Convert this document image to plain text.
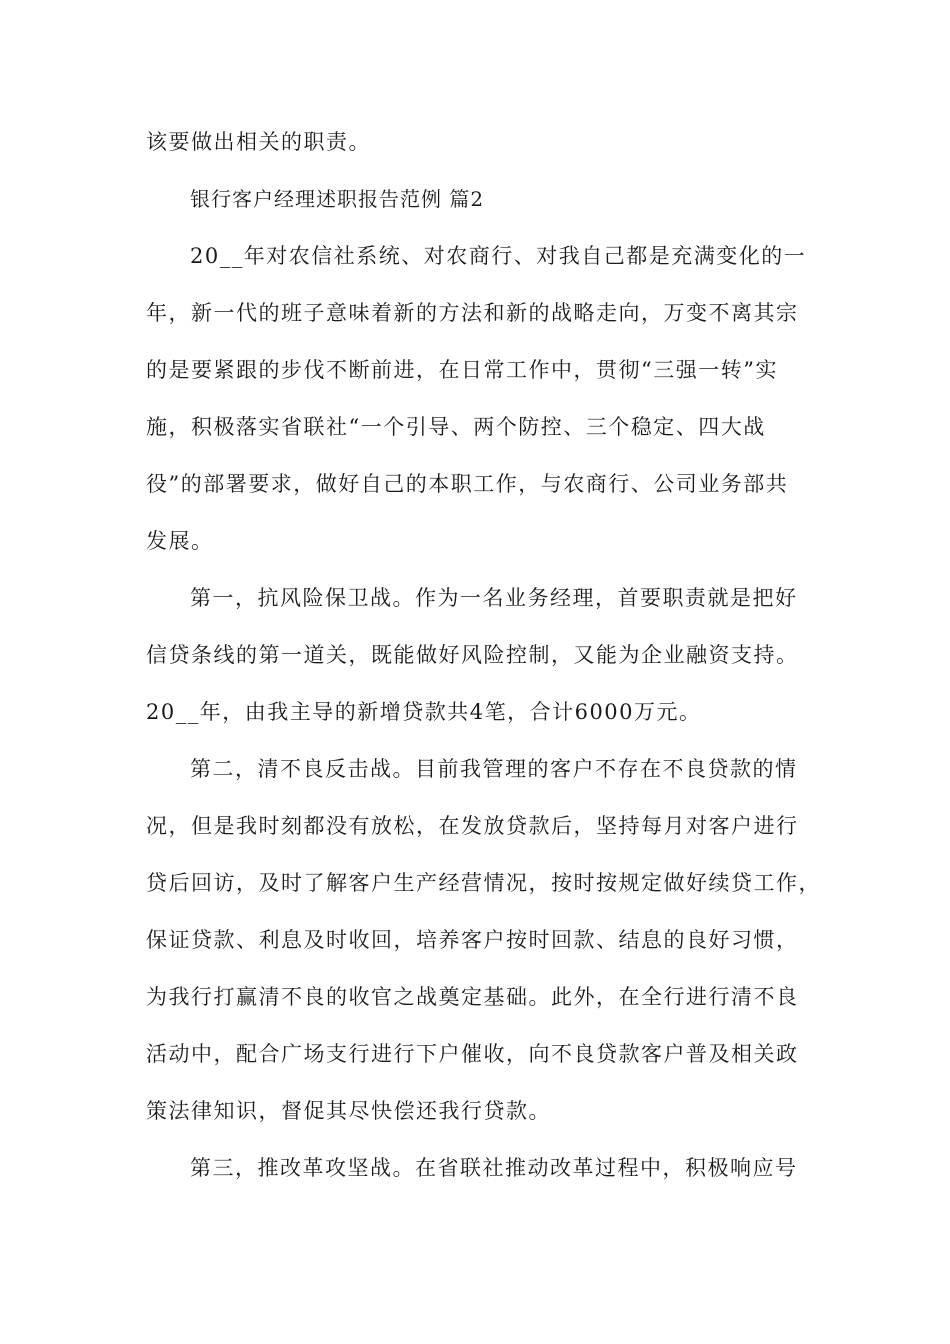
该要做出相关的职责。
银行客户经理述职报告范例 篇2
20__年对农信社系统、对农商行、对我自己都是充满变化的一
年，新一代的班子意味着新的方法和新的战略走向，万变不离其宗
的是要紧跟的步伐不断前进，在日常工作中，贯彻“三强一转”实
施，积极落实省联社“一个引导、两个防控、三个稳定、四大战
役”的部署要求，做好自己的本职工作，与农商行、公司业务部共
发展。
第一，抗风险保卫战。作为一名业务经理，首要职责就是把好
信贷条线的第一道关，既能做好风险控制，又能为企业融资支持。
20__年，由我主导的新增贷款共4笔，合计6000万元。
第二，清不良反击战。目前我管理的客户不存在不良贷款的情
况，但是我时刻都没有放松，在发放贷款后，坚持每月对客户进行
贷后回访，及时了解客户生产经营情况，按时按规定做好续贷工作，
保证贷款、利息及时收回，培养客户按时回款、结息的良好习惯，
为我行打赢清不良的收官之战奠定基础。此外，在全行进行清不良
活动中，配合广场支行进行下户催收，向不良贷款客户普及相关政
策法律知识，督促其尽快偿还我行贷款。
第三，推改革攻坚战。在省联社推动改革过程中，积极响应号
